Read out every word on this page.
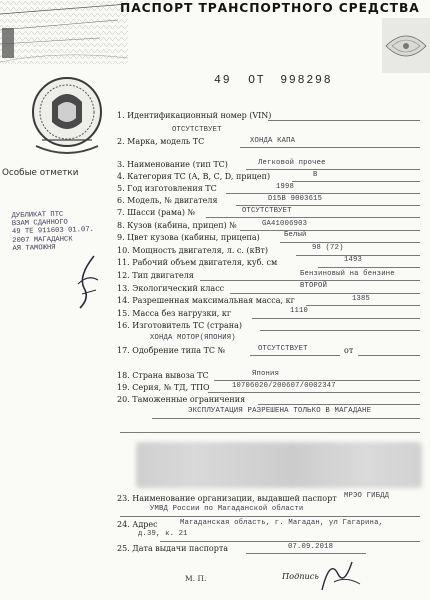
ПАСПОРТ ТРАНСПОРТНОГО СРЕДСТВА
49 ОТ 998298
Особые отметки
ДУБЛИКАТ ПТС
ВЗАМ СДАННОГО
49 ТЕ 911603 01.07.
2007 МАГАДАНСК
АЯ ТАМОЖНЯ
1. Идентификационный номер (VIN)
ОТСУТСТВУЕТ
2. Марка, модель ТС	ХОНДА КАПА
3. Наименование (тип ТС)	Легковой прочее
4. Категория ТС (А, В, С, D, прицеп)	В
5. Год изготовления ТС	1998
6. Модель, № двигателя	D15B 9003615
7. Шасси (рама) №	ОТСУТСТВУЕТ
8. Кузов (кабина, прицеп) №	GA41006903
9. Цвет кузова (кабины, прицепа)	Белый
10. Мощность двигателя, л. с. (кВт)	98 (72)
11. Рабочий объем двигателя, куб. см	1493
12. Тип двигателя	Бензиновый на бензине
13. Экологический класс	ВТОРОЙ
14. Разрешенная максимальная масса, кг	1385
15. Масса без нагрузки, кг	1110
16. Изготовитель ТС (страна)
ХОНДА МОТОР(ЯПОНИЯ)
17. Одобрение типа ТС №	ОТСУТСТВУЕТ	от
18. Страна вывоза ТС	Япония
19. Серия, № ТД, ТПО	10706020/200607/0002347
20. Таможенные ограничения
ЭКСПЛУАТАЦИЯ РАЗРЕШЕНА ТОЛЬКО В МАГАДАНЕ
23. Наименование организации, выдавшей паспорт МРЭО ГИБДД
УМВД России по Магаданской области
24. Адрес	Магаданская область, г. Магадан, ул Гагарина,
д.39, к. 21
25. Дата выдачи паспорта	07.09.2018
М. П.	Подпись
